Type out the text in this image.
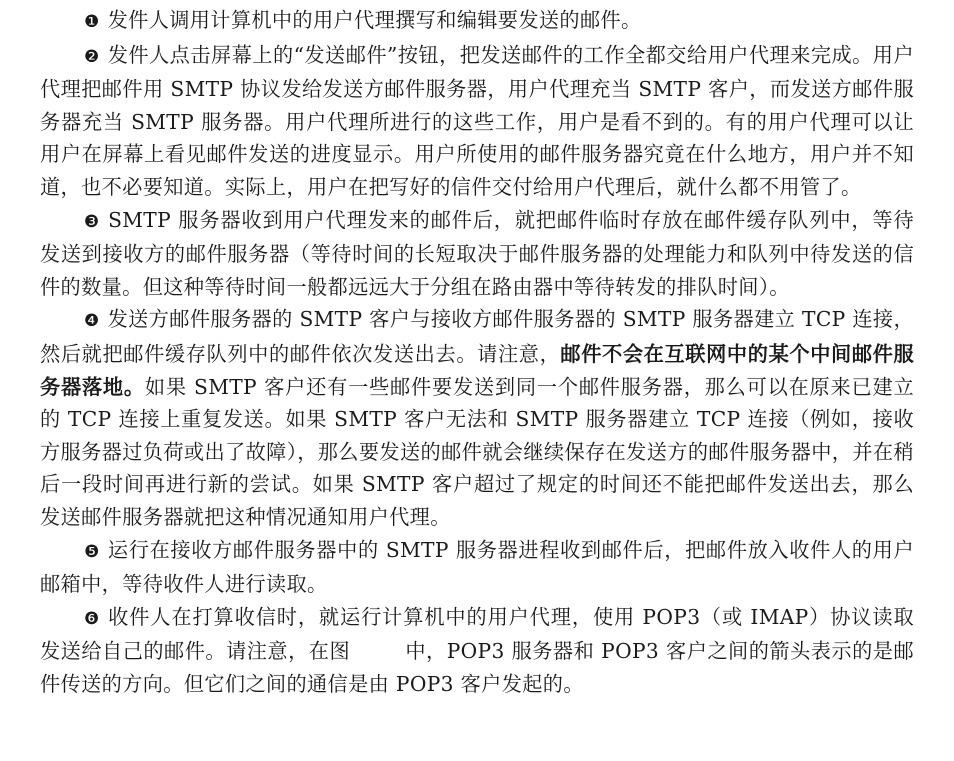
❶ 发件人调用计算机中的用户代理撰写和编辑要发送的邮件。

❷ 发件人点击屏幕上的“发送邮件”按钮，把发送邮件的工作全都交给用户代理来完成。用户代理把邮件用 SMTP 协议发给发送方邮件服务器，用户代理充当 SMTP 客户，而发送方邮件服务器充当 SMTP 服务器。用户代理所进行的这些工作，用户是看不到的。有的用户代理可以让用户在屏幕上看见邮件发送的进度显示。用户所使用的邮件服务器究竟在什么地方，用户并不知道，也不必要知道。实际上，用户在把写好的信件交付给用户代理后，就什么都不用管了。

❸ SMTP 服务器收到用户代理发来的邮件后，就把邮件临时存放在邮件缓存队列中，等待发送到接收方的邮件服务器（等待时间的长短取决于邮件服务器的处理能力和队列中待发送的信件的数量。但这种等待时间一般都远远大于分组在路由器中等待转发的排队时间）。

❹ 发送方邮件服务器的 SMTP 客户与接收方邮件服务器的 SMTP 服务器建立 TCP 连接，然后就把邮件缓存队列中的邮件依次发送出去。请注意，邮件不会在互联网中的某个中间邮件服务器落地。如果 SMTP 客户还有一些邮件要发送到同一个邮件服务器，那么可以在原来已建立的 TCP 连接上重复发送。如果 SMTP 客户无法和 SMTP 服务器建立 TCP 连接（例如，接收方服务器过负荷或出了故障），那么要发送的邮件就会继续保存在发送方的邮件服务器中，并在稍后一段时间再进行新的尝试。如果 SMTP 客户超过了规定的时间还不能把邮件发送出去，那么发送邮件服务器就把这种情况通知用户代理。

❺ 运行在接收方邮件服务器中的 SMTP 服务器进程收到邮件后，把邮件放入收件人的用户邮箱中，等待收件人进行读取。

❻ 收件人在打算收信时，就运行计算机中的用户代理，使用 POP3（或 IMAP）协议读取发送给自己的邮件。请注意，在图        中，POP3 服务器和 POP3 客户之间的箭头表示的是邮件传送的方向。但它们之间的通信是由 POP3 客户发起的。
